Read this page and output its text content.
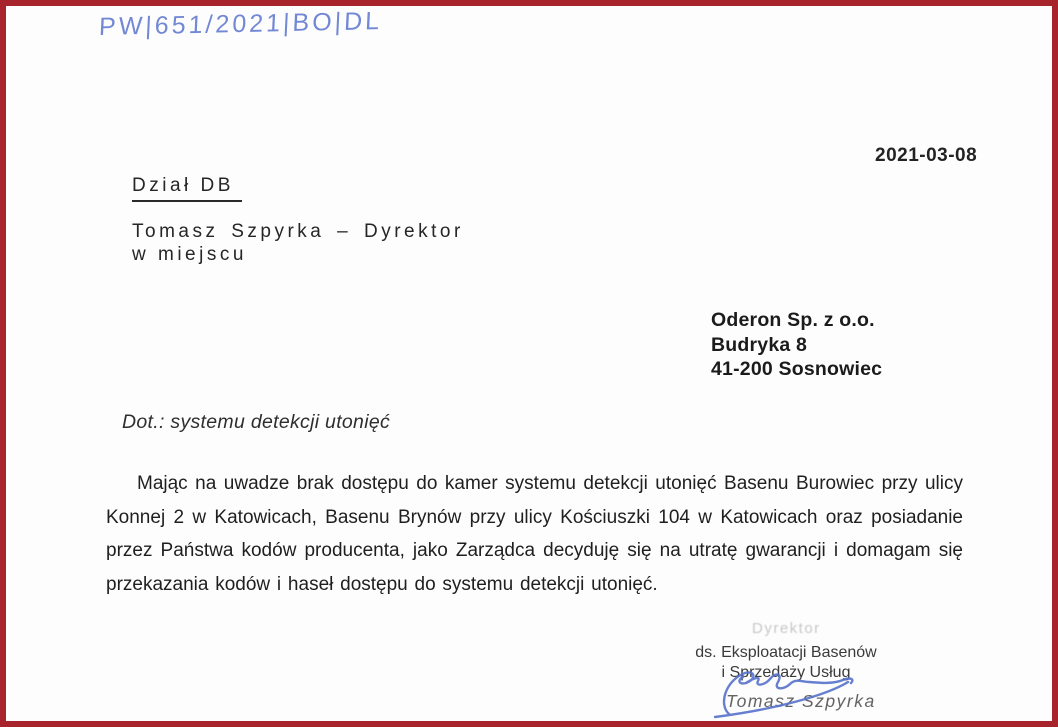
PW|651/2021|BO|DL
2021-03-08
Dział DB
Tomasz Szpyrka – Dyrektor
w miejscu
Oderon Sp. z o.o.
Budryka 8
41-200 Sosnowiec
Dot.: systemu detekcji utonięć

Mając na uwadze brak dostępu do kamer systemu detekcji utonięć Basenu Burowiec przy ulicy Konnej 2 w Katowicach, Basenu Brynów przy ulicy Kościuszki 104 w Katowicach oraz posiadanie przez Państwa kodów producenta, jako Zarządca decyduję się na utratę gwarancji i domagam się przekazania kodów i haseł dostępu do systemu detekcji utonięć.

Dyrektor
ds. Eksploatacji Basenów
i Sprzedaży Usług
Tomasz Szpyrka
